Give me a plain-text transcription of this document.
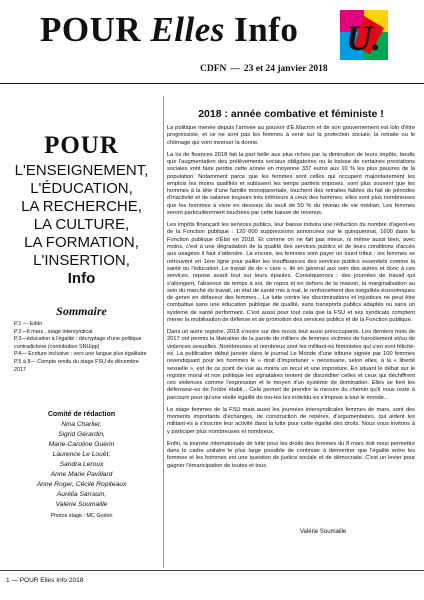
POUR Elles Info U.
CDFN — 23 et 24 janvier 2018
POUR
L'ENSEIGNEMENT,
L'ÉDUCATION,
LA RECHERCHE,
LA CULTURE,
LA FORMATION,
L'INSERTION,
Info
Sommaire
P.1 — Edito
P.2—8 mars , stage intersyndical
P.3—éducation à l'égalité : décryptage d'une politique contradictoire (contribution SNUipp)
P.4— Ecriture inclusive : vers une langue plus égalitaire
P.5 à 8— Compte rendu du stage FSU de décembre 2017
Comité de rédaction
Nina Charlier,
Sigrid Gérardin,
Marie-Caroline Guérin
Laurence Le Louët,
Sandra Leroux
Anne Marie Pavillard
Anne Roger, Cécile Ropiteaux
Aurélia Sarrasin,
Valérie Soumaille
Photos stage : MC Guérin
2018 : année combative et féministe !

La politique menée depuis l'arrivée au pouvoir d'E.Macron et de son gouvernement est loin d'être progressiste, et ce ne sont pas les femmes à venir sur la protection sociale, la retraite ou le chômage qui vont inverser la donne.

La loi de finances 2018 fait la part belle aux plus riches par la diminution de leurs impôts, tandis que l'augmentation des prélèvements sociaux obligatoires ou la baisse de certaines prestations sociales vont faire perdre cette année en moyenne 337 euros aux 10 % les plus pauvres de la population. Notamment parce que les femmes sont celles qui occupent majoritairement les emplois les moins qualifiés et subissent les temps partiels imposés, sont plus souvent que les hommes à la tête d'une famille monoparentale, touchent des retraites faibles du fait de périodes d'inactivité et de salaires toujours très inférieurs à ceux des hommes, elles sont plus nombreuses que les hommes à vivre en dessous du seuil de 50 % du niveau de vie médian. Les femmes seront particulièrement touchées par cette baisse de revenus.

Les impôts finançant les services publics, leur baisse induira une réduction du nombre d'agent-es de la Fonction publique : 120 000 suppressions annoncées sur le quinquennat, 1600 dans la Fonction publique d'État en 2018. Et comme on ne fait pas mieux, ni même aussi bien, avec moins, c'est à une dégradation de la qualité des services publics et de leurs conditions d'accès aux usagées il faut s'attendre. La encore, les femmes sont payer un lourd tribut : les femmes se retrouvent en 1ère ligne pour pallier les insuffisances des services publics essentiels comme la santé ou l'éducation. Le travail de de « care », lié en général aux soin des autres et donc à ces services, repose avant tout sur leurs épaules. Conséquences : des journées de travail qui s'allongent, l'absence de temps à soi, de repos et en dehors de la maison, la marginalisation au sein du marché du travail, un état de santé mis à mal, le renforcement des inégalités économiques de genre en défaveur des femmes... La lutte contre les discriminations et injustices ne peut être combattue sans une éducation publique de qualité, sans transports publics adaptés ou sans un système de santé performant. C'est aussi pour tout cela que la FSU et ses syndicats comptent mener la mobilisation de défense et de promotion des services publics et de la Fonction publique.

Dans un autre registre, 2018 s'ouvre sur des reculs tout aussi préoccupants. Les derniers mois de 2017 ont permis la libération de la parole de milliers de femmes victimes de harcèlement et/ou de violences sexuelles. Nombreuses et nombreux sont les militant-es féministes qui s'en sont félicité-es. La publication début janvier dans le journal Le Monde d'une tribune signée par 100 femmes revendiquant pour les hommes le « droit d'importuner » nécessaire, selon elles, à la « liberté sexuelle », est de ce point de vue au moins un recul et une imposture. En situant le débat sur le registre moral et non politique les signataires tentent de discréditer celles et ceux qui déchiffrent ces violences comme l'expression et le moyen d'un système de domination. Elles se font les défenseur-es de l'ordre établi... Cela permet de prendre la mesure du chemin qu'il nous reste à parcourir pour qu'une réelle égalité de tou-tes les individu-es s'impose à tout le monde...

Le stage femmes de la FSU mais aussi les journées intersyndicales femmes de mars, sont des moments importants d'échanges, de construction de repères, d'argumentaires, qui aident les militant-es à s'inscrire leur activité dans la lutte pour cette égalité des droits. Nous vous invitons à y participer plus nombreuses et nombreux.

Enfin, la journée internationale de lutte pour les droits des femmes du 8 mars doit nous permettre dans le cadre unitaire le plus large possible de continuer à démontrer que l'égalité entre les femmes et les hommes est une question de justice sociale et de démocratie. C'est un levier pour gagner l'émancipation de toutes et tous.

Valérie Soumaille
1 — POUR Elles Info 2018
